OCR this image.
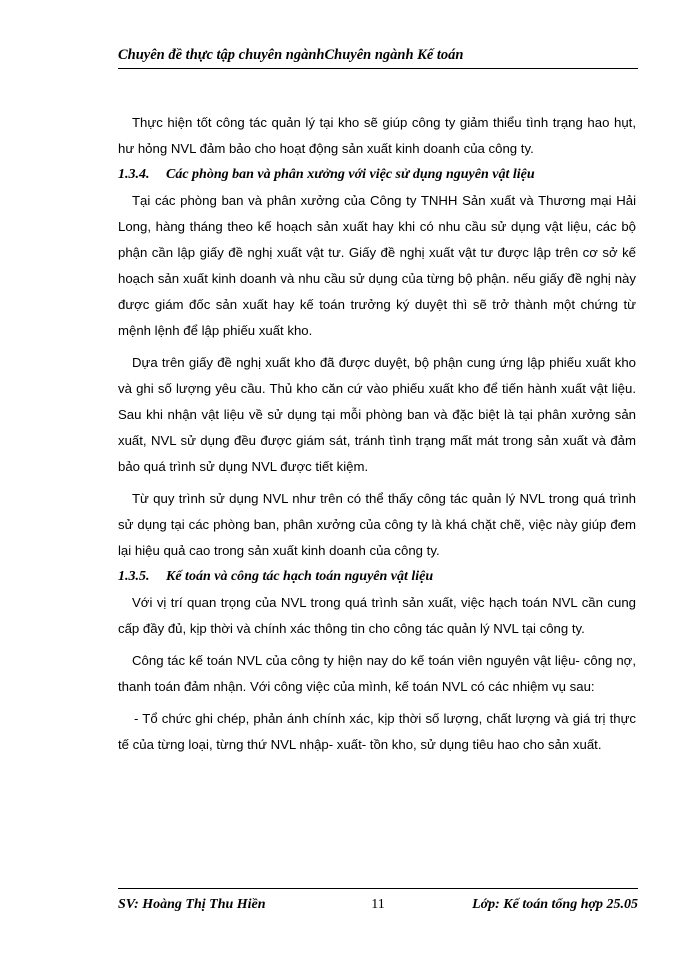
Chuyên đề thực tập chuyên ngànhChuyên ngành Kế toán

Thực hiện tốt công tác quản lý tại kho sẽ giúp công ty giảm thiểu tình trạng hao hụt, hư hỏng NVL đảm bảo cho hoạt động sản xuất kinh doanh của công ty.

1.3.4. Các phòng ban và phân xưởng với việc sử dụng nguyên vật liệu

Tại các phòng ban và phân xưởng của Công ty TNHH Sản xuất và Thương mại Hải Long, hàng tháng theo kế hoạch sản xuất hay khi có nhu cầu sử dụng vật liệu, các bộ phận cần lập giấy đề nghị xuất vật tư. Giấy đề nghị xuất vật tư được lập trên cơ sở kế hoạch sản xuất kinh doanh và nhu cầu sử dụng của từng bộ phận. nếu giấy đề nghị này được giám đốc sản xuất hay kế toán trưởng ký duyệt thì sẽ trở thành một chứng từ mệnh lệnh để lập phiếu xuất kho.

Dựa trên giấy đề nghị xuất kho đã được duyệt, bộ phận cung ứng lập phiếu xuất kho và ghi số lượng yêu cầu. Thủ kho căn cứ vào phiếu xuất kho để tiến hành xuất vật liệu. Sau khi nhận vật liệu về sử dụng tại mỗi phòng ban và đặc biệt là tại phân xưởng sản xuất, NVL sử dụng đều được giám sát, tránh tình trạng mất mát trong sản xuất và đảm bảo quá trình sử dụng NVL được tiết kiệm.

Từ quy trình sử dụng NVL như trên có thể thấy công tác quản lý NVL trong quá trình sử dụng tại các phòng ban, phân xưởng của công ty là khá chặt chẽ, việc này giúp đem lại hiệu quả cao trong sản xuất kinh doanh của công ty.

1.3.5. Kế toán và công tác hạch toán nguyên vật liệu

Với vị trí quan trọng của NVL trong quá trình sản xuất, việc hạch toán NVL cần cung cấp đầy đủ, kịp thời và chính xác thông tin cho công tác quản lý NVL tại công ty.

Công tác kế toán NVL của công ty hiện nay do kế toán viên nguyên vật liệu- công nợ, thanh toán đảm nhận. Với công việc của mình, kế toán NVL có các nhiệm vụ sau:

- Tổ chức ghi chép, phản ánh chính xác, kịp thời số lượng, chất lượng và giá trị thực tế của từng loại, từng thứ NVL nhập- xuất- tồn kho, sử dụng tiêu hao cho sản xuất.

SV: Hoàng Thị Thu Hiền	11	Lớp: Kế toán tổng hợp 25.05
